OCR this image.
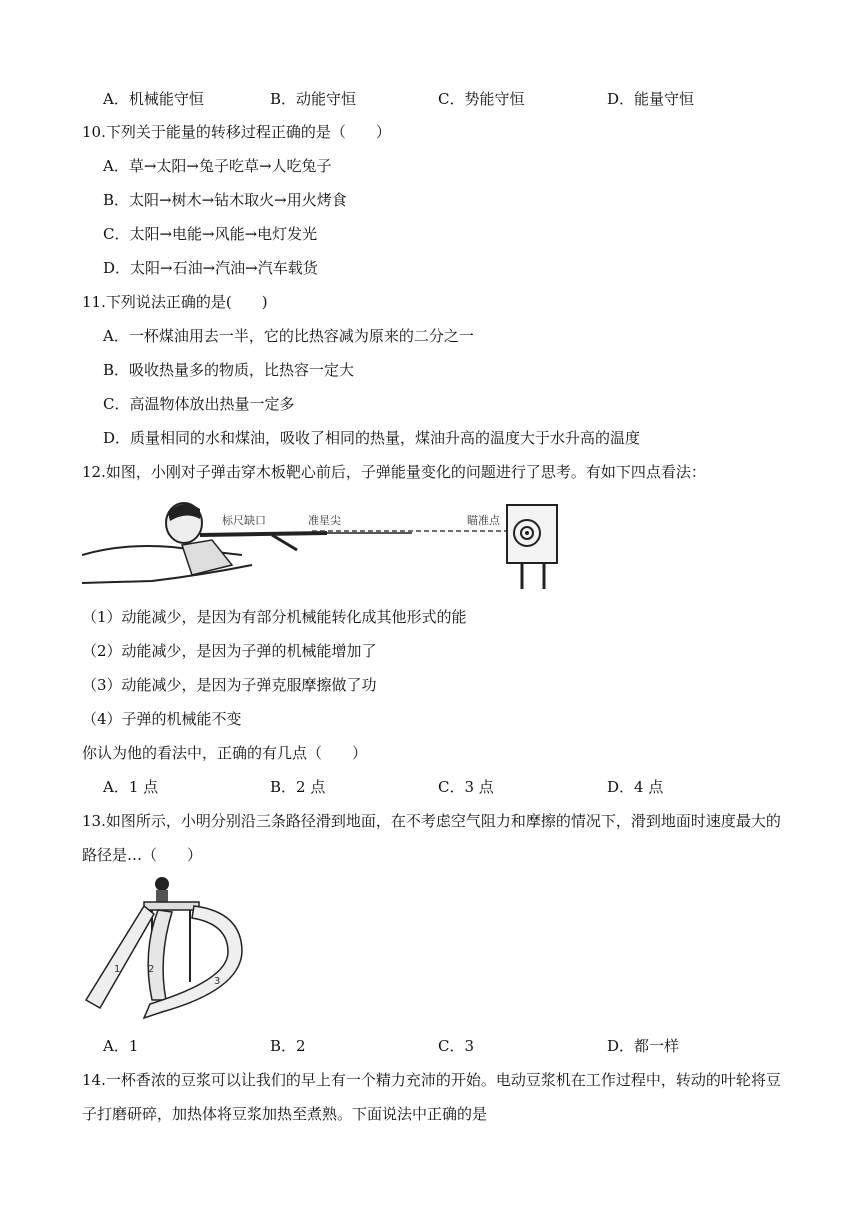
A．机械能守恒	B．动能守恒	C．势能守恒	D．能量守恒
10.下列关于能量的转移过程正确的是（　　）
A．草→太阳→兔子吃草→人吃兔子
B．太阳→树木→钻木取火→用火烤食
C．太阳→电能→风能→电灯发光
D．太阳→石油→汽油→汽车载货
11.下列说法正确的是(　　)
A．一杯煤油用去一半，它的比热容减为原来的二分之一
B．吸收热量多的物质，比热容一定大
C．高温物体放出热量一定多
D．质量相同的水和煤油，吸收了相同的热量，煤油升高的温度大于水升高的温度
12.如图，小刚对子弹击穿木板靶心前后，子弹能量变化的问题进行了思考。有如下四点看法：
标尺缺口	准星尖	瞄准点
（1）动能减少，是因为有部分机械能转化成其他形式的能
（2）动能减少，是因为子弹的机械能增加了
（3）动能减少，是因为子弹克服摩擦做了功
（4）子弹的机械能不变
你认为他的看法中，正确的有几点（　　）
A．1 点	B．2 点	C．3 点	D．4 点
13.如图所示，小明分别沿三条路径滑到地面，在不考虑空气阻力和摩擦的情况下，滑到地面时速度最大的
路径是…（　　）
1	2
3
A．1	B．2	C．3	D．都一样
14.一杯香浓的豆浆可以让我们的早上有一个精力充沛的开始。电动豆浆机在工作过程中，转动的叶轮将豆
子打磨研碎，加热体将豆浆加热至煮熟。下面说法中正确的是
